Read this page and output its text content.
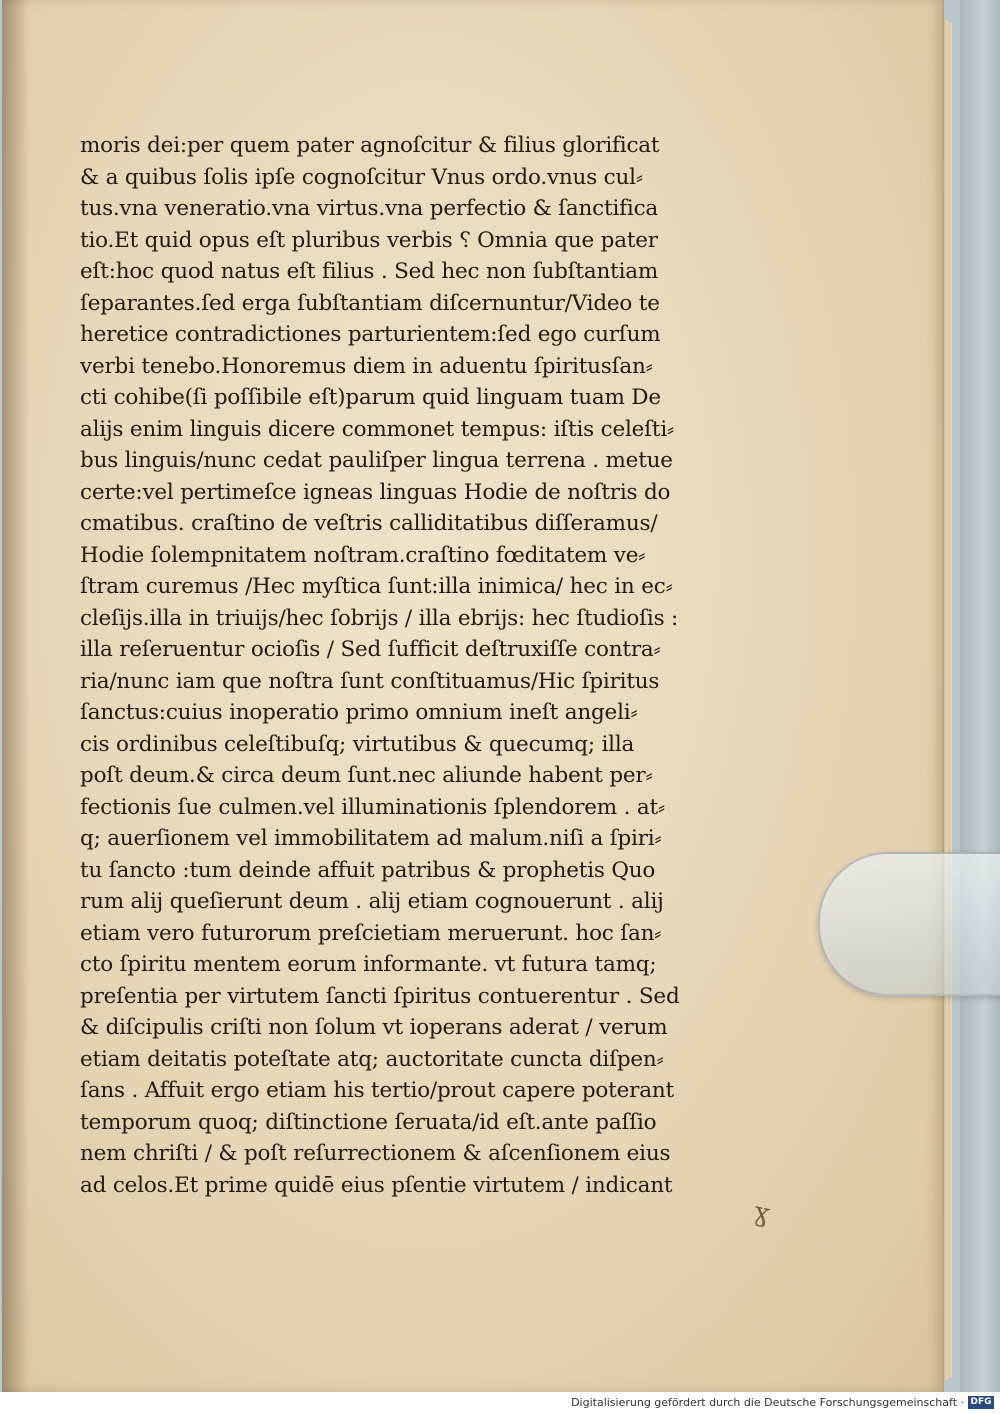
moris dei:per quem pater agnoſcitur & filius glorificat
& a quibus ſolis ipſe cognoſcitur Vnus ordo.vnus cul⸗
tus.vna veneratio.vna virtus.vna perfectio & ſanctifica
tio.Et quid opus eſt pluribus verbis ⸮ Omnia que pater
eſt:hoc quod natus eſt filius . Sed hec non ſubſtantiam
ſeparantes.ſed erga ſubſtantiam diſcernuntur/Video te
heretice contradictiones parturientem:ſed ego curſum
verbi tenebo.Honoremus diem in aduentu ſpiritusſan⸗
cti cohibe(ſi poſſibile eſt)parum quid linguam tuam De
alijs enim linguis dicere commonet tempus: iſtis celeſti⸗
bus linguis/nunc cedat pauliſper lingua terrena . metue
certe:vel pertimeſce igneas linguas Hodie de noſtris do
cmatibus. craſtino de veſtris calliditatibus diſſeramus/
Hodie ſolempnitatem noſtram.craſtino fœditatem ve⸗
ſtram curemus /Hec myſtica ſunt:illa inimica/ hec in ec⸗
cleſijs.illa in triuijs/hec ſobrijs / illa ebrijs: hec ſtudioſis :
illa reſeruentur ocioſis / Sed ſufficit deſtruxiſſe contra⸗
ria/nunc iam que noſtra ſunt conſtituamus/Hic ſpiritus
ſanctus:cuius inoperatio primo omnium ineſt angeli⸗
cis ordinibus celeſtibuſq; virtutibus & quecumq; illa
poſt deum.& circa deum ſunt.nec aliunde habent per⸗
fectionis ſue culmen.vel illuminationis ſplendorem . at⸗
q; auerſionem vel immobilitatem ad malum.niſi a ſpiri⸗
tu ſancto :tum deinde affuit patribus & prophetis Quo
rum alij queſierunt deum . alij etiam cognouerunt . alij
etiam vero futurorum preſcietiam meruerunt. hoc ſan⸗
cto ſpiritu mentem eorum informante. vt futura tamq;
preſentia per virtutem ſancti ſpiritus contuerentur . Sed
& diſcipulis criſti non ſolum vt ioperans aderat / verum
etiam deitatis poteſtate atq; auctoritate cuncta diſpen⸗
ſans . Affuit ergo etiam his tertio/prout capere poterant
temporum quoq; diſtinctione ſeruata/id eſt.ante paſſio
nem chriſti / & poſt reſurrectionem & aſcenſionem eius
ad celos.Et prime quidē eius pſentie virtutem / indicant
ɣ
Digitalisierung gefördert durch die Deutsche Forschungsgemeinschaft · DFG
